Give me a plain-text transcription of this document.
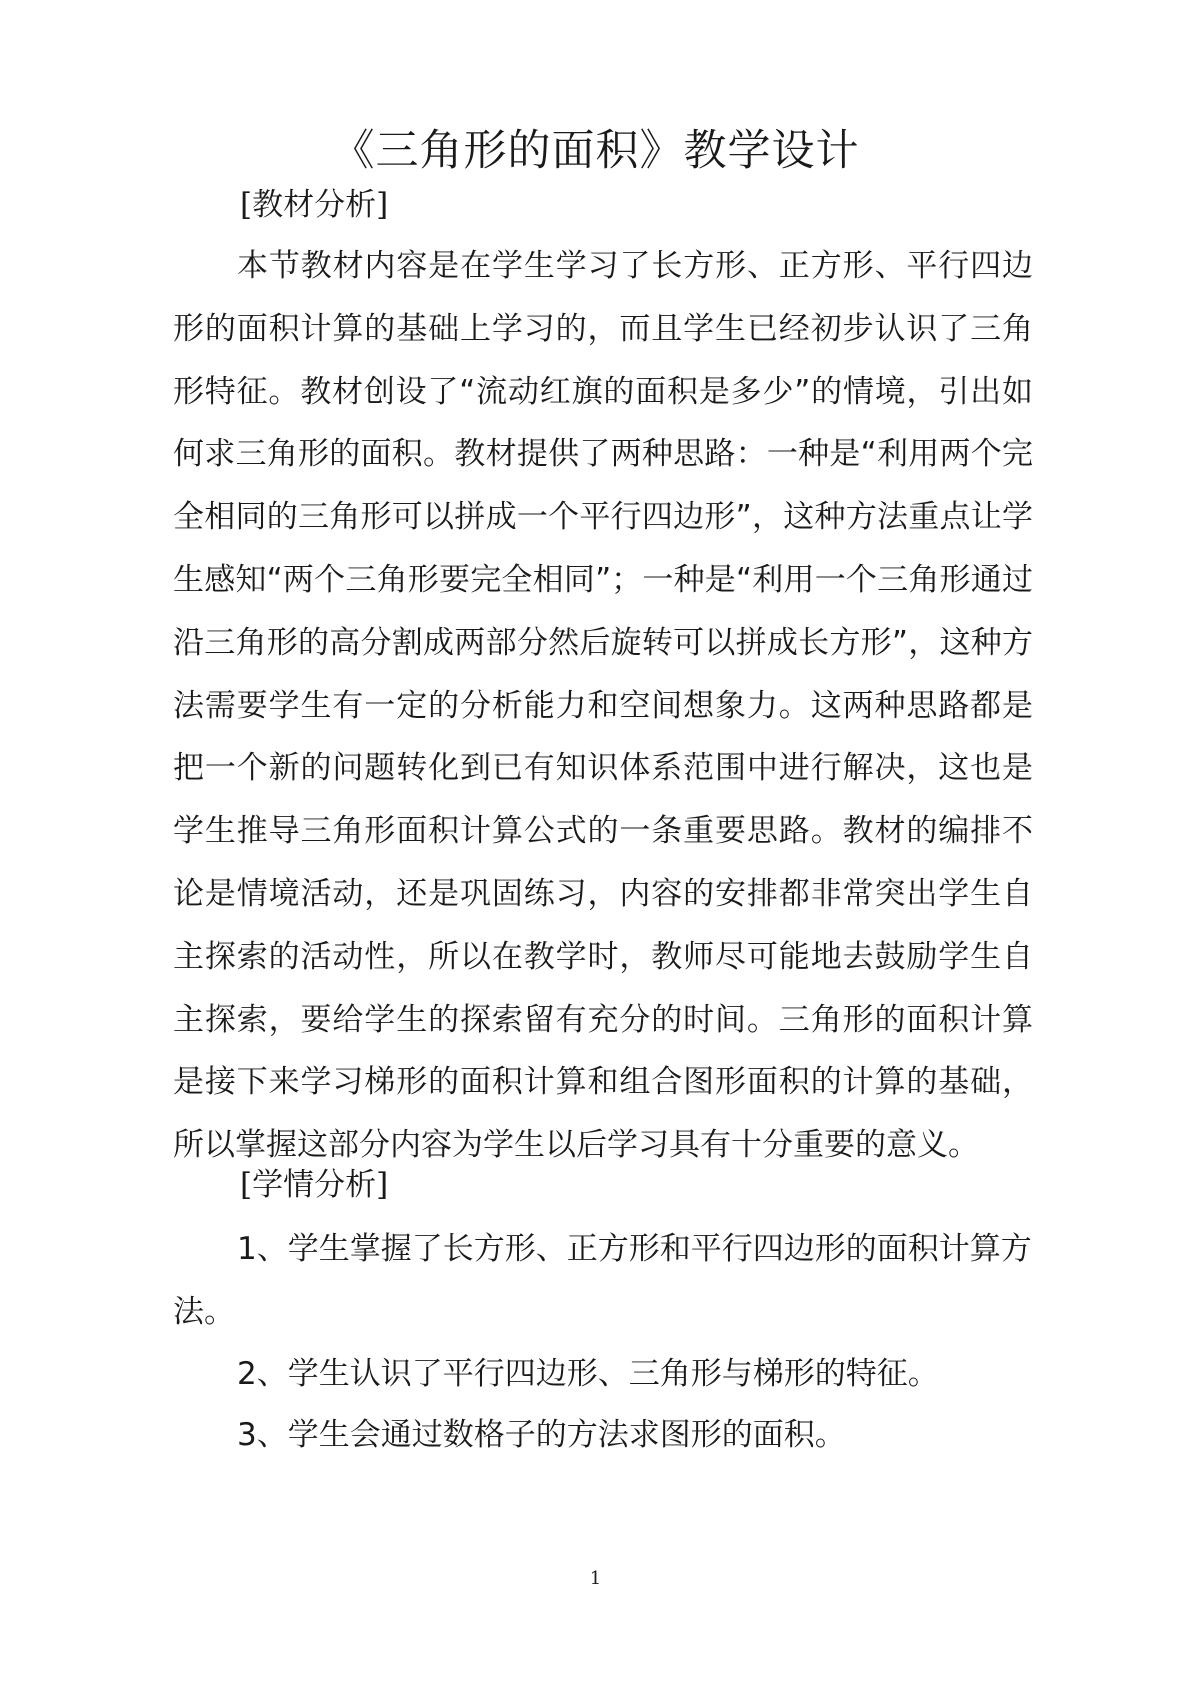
《三角形的面积》教学设计
[教材分析]

本节教材内容是在学生学习了长方形、正方形、平行四边形的面积计算的基础上学习的，而且学生已经初步认识了三角形特征。教材创设了“流动红旗的面积是多少”的情境，引出如何求三角形的面积。教材提供了两种思路：一种是“利用两个完全相同的三角形可以拼成一个平行四边形”，这种方法重点让学生感知“两个三角形要完全相同”；一种是“利用一个三角形通过沿三角形的高分割成两部分然后旋转可以拼成长方形”，这种方法需要学生有一定的分析能力和空间想象力。这两种思路都是把一个新的问题转化到已有知识体系范围中进行解决，这也是学生推导三角形面积计算公式的一条重要思路。教材的编排不论是情境活动，还是巩固练习，内容的安排都非常突出学生自主探索的活动性，所以在教学时，教师尽可能地去鼓励学生自主探索，要给学生的探索留有充分的时间。三角形的面积计算是接下来学习梯形的面积计算和组合图形面积的计算的基础，所以掌握这部分内容为学生以后学习具有十分重要的意义。

[学情分析]

1、学生掌握了长方形、正方形和平行四边形的面积计算方法。

2、学生认识了平行四边形、三角形与梯形的特征。

3、学生会通过数格子的方法求图形的面积。

1
